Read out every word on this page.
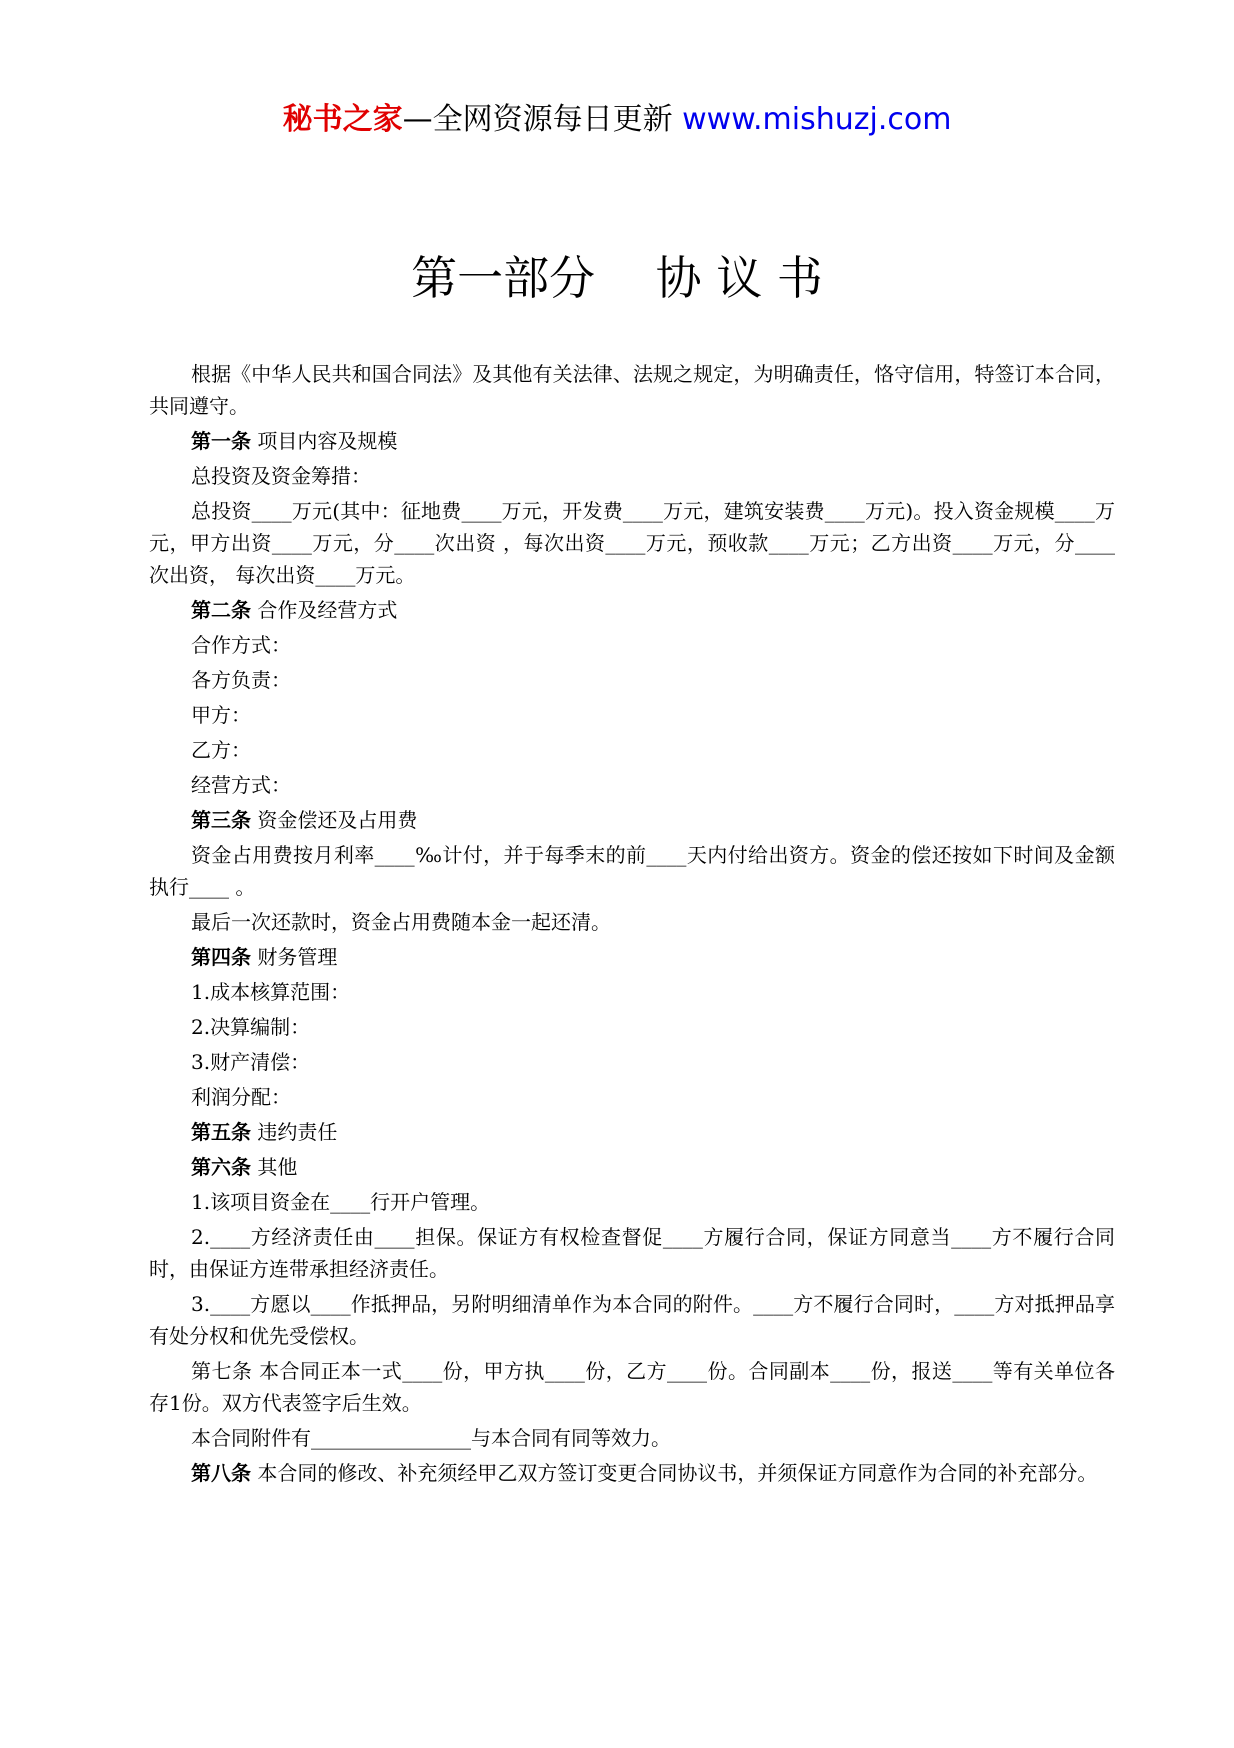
秘书之家—全网资源每日更新 www.mishuzj.com
第一部分　 协 议 书

根据《中华人民共和国合同法》及其他有关法律、法规之规定，为明确责任，恪守信用，特签订本合同，共同遵守。

第一条 项目内容及规模

总投资及资金筹措：

总投资____万元(其中：征地费____万元，开发费____万元，建筑安装费____万元)。投入资金规模____万元，甲方出资____万元，分____次出资 ，每次出资____万元，预收款____万元；乙方出资____万元，分____次出资， 每次出资____万元。

第二条 合作及经营方式

合作方式：

各方负责：

甲方：

乙方：

经营方式：

第三条 资金偿还及占用费

资金占用费按月利率____‰计付，并于每季末的前____天内付给出资方。资金的偿还按如下时间及金额执行____ 。

最后一次还款时，资金占用费随本金一起还清。

第四条 财务管理

1.成本核算范围：

2.决算编制：

3.财产清偿：

利润分配：

第五条 违约责任

第六条 其他

1.该项目资金在____行开户管理。

2.____方经济责任由____担保。保证方有权检查督促____方履行合同，保证方同意当____方不履行合同时，由保证方连带承担经济责任。

3.____方愿以____作抵押品，另附明细清单作为本合同的附件。____方不履行合同时，____方对抵押品享有处分权和优先受偿权。

第七条 本合同正本一式____份，甲方执____份，乙方____份。合同副本____份，报送____等有关单位各存1份。双方代表签字后生效。

本合同附件有________________与本合同有同等效力。

第八条 本合同的修改、补充须经甲乙双方签订变更合同协议书，并须保证方同意作为合同的补充部分。
